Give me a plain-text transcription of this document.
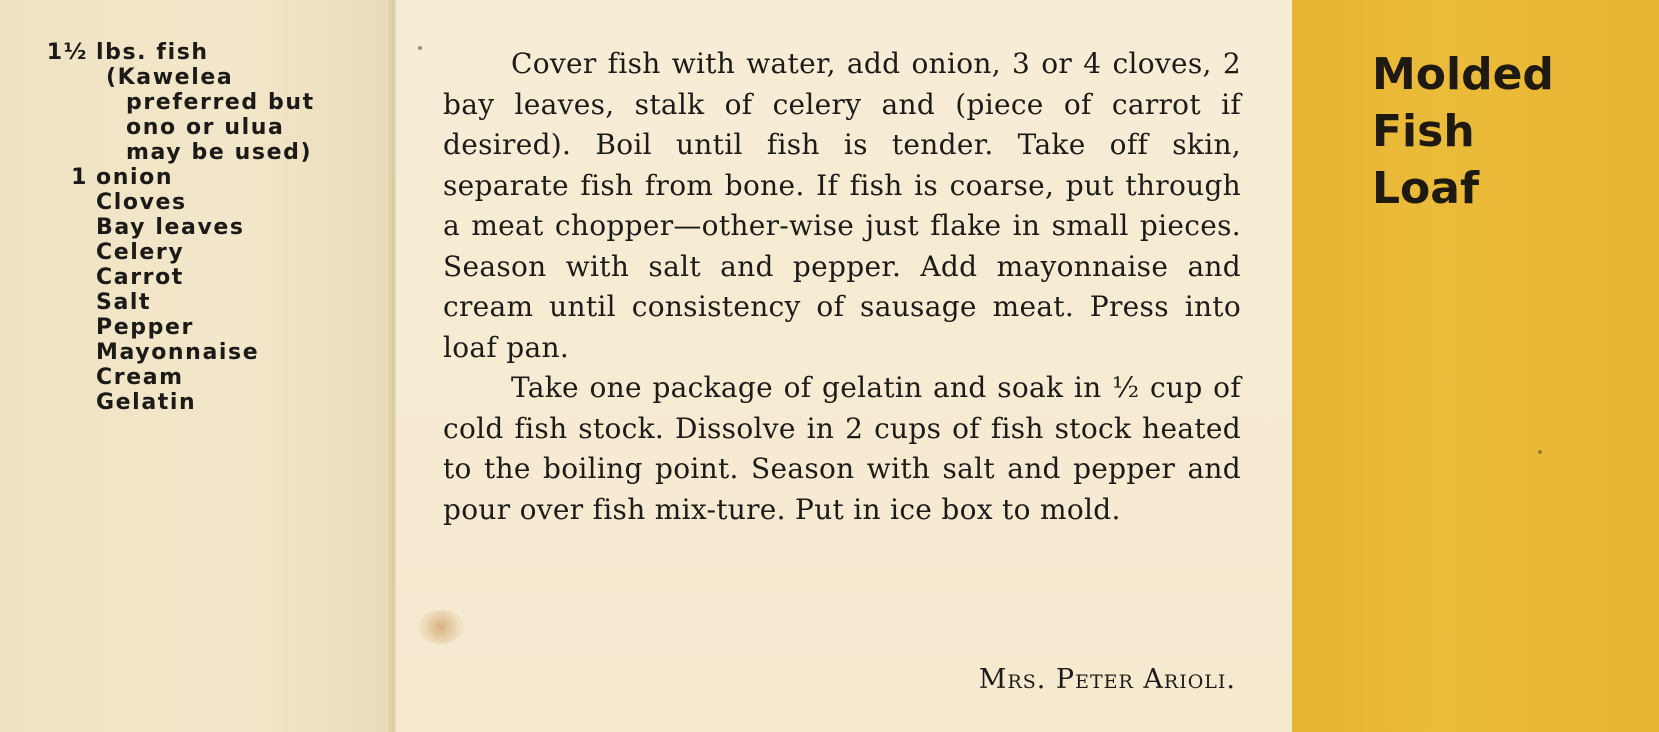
1½ lbs. fish
(Kawelea
preferred but
ono or ulua
may be used)
1 onion
Cloves
Bay leaves
Celery
Carrot
Salt
Pepper
Mayonnaise
Cream
Gelatin

Cover fish with water, add onion, 3 or 4 cloves, 2 bay leaves, stalk of celery and (piece of carrot if desired). Boil until fish is tender. Take off skin, separate fish from bone. If fish is coarse, put through a meat chopper—other-wise just flake in small pieces. Season with salt and pepper. Add mayonnaise and cream until consistency of sausage meat. Press into loaf pan.

Take one package of gelatin and soak in ½ cup of cold fish stock. Dissolve in 2 cups of fish stock heated to the boiling point. Season with salt and pepper and pour over fish mix-ture. Put in ice box to mold.

Mrs. Peter Arioli.
Molded
Fish
Loaf
